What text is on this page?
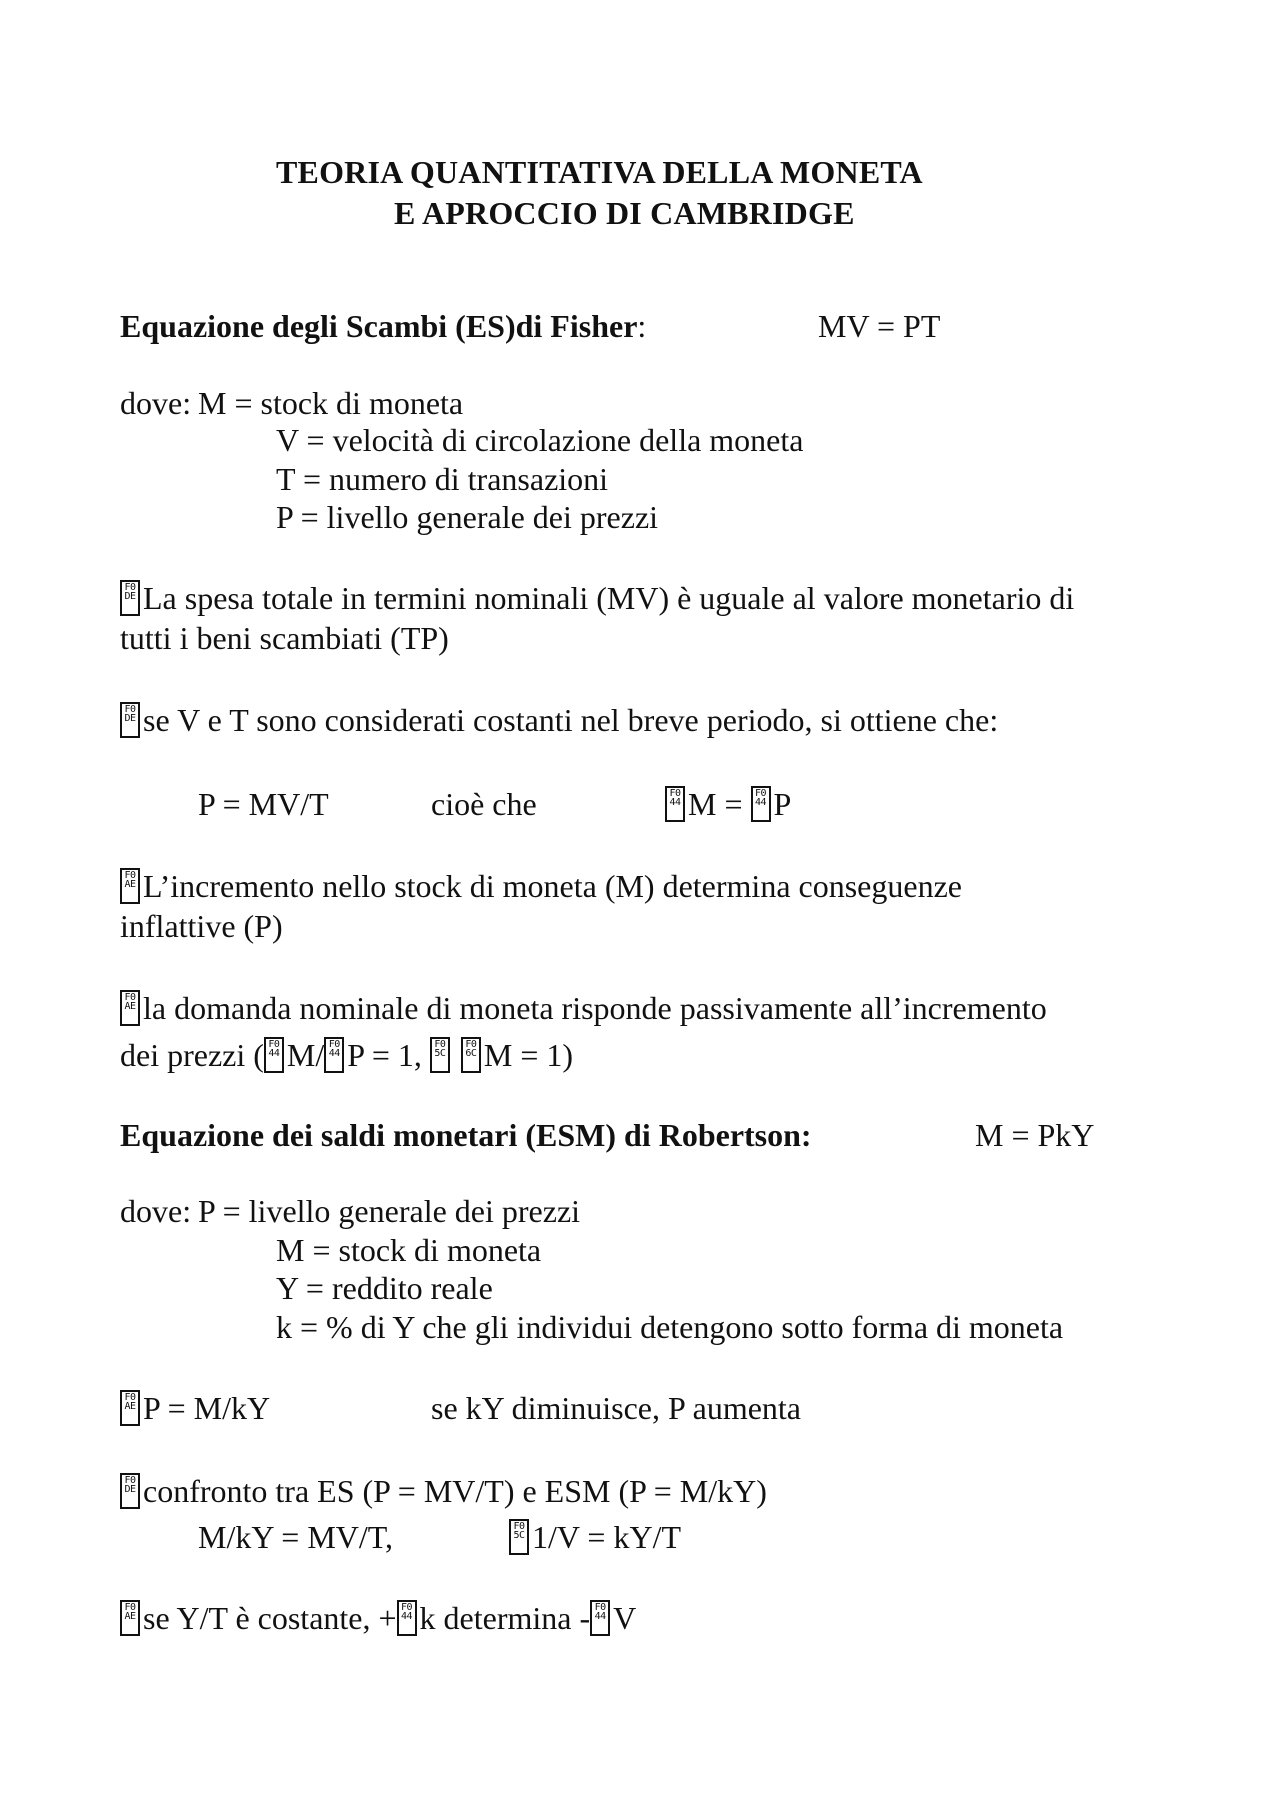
TEORIA QUANTITATIVA DELLA MONETA
E APROCCIO DI CAMBRIDGE
Equazione degli Scambi (ES)di Fisher:	MV = PT
dove: M = stock di moneta
V = velocità di circolazione della moneta
T = numero di transazioni
P = livello generale dei prezzi
F0
DE La spesa totale in termini nominali (MV) è uguale al valore monetario di
tutti i beni scambiati (TP)
F0
DE se V e T sono considerati costanti nel breve periodo, si ottiene che:
P = MV/T	cioè che	F0
44 M = F0
44 P
F0
AE L’incremento nello stock di moneta (M) determina conseguenze
inflattive (P)
F0
AE la domanda nominale di moneta risponde passivamente all’incremento
dei prezzi ( F0
44 M/ F0
44 P = 1, F0
5C

F0
6C M = 1)
Equazione dei saldi monetari (ESM) di Robertson:	M = PkY
dove: P = livello generale dei prezzi
M = stock di moneta
Y = reddito reale
k = % di Y che gli individui detengono sotto forma di moneta
F0
AE P = M/kY	se kY diminuisce, P aumenta
F0
DE confronto tra ES (P = MV/T) e ESM (P = M/kY)
M/kY = MV/T,	F0
5C 1/V = kY/T
F0
AE se Y/T è costante, + F0
44 k determina - F0
44 V
